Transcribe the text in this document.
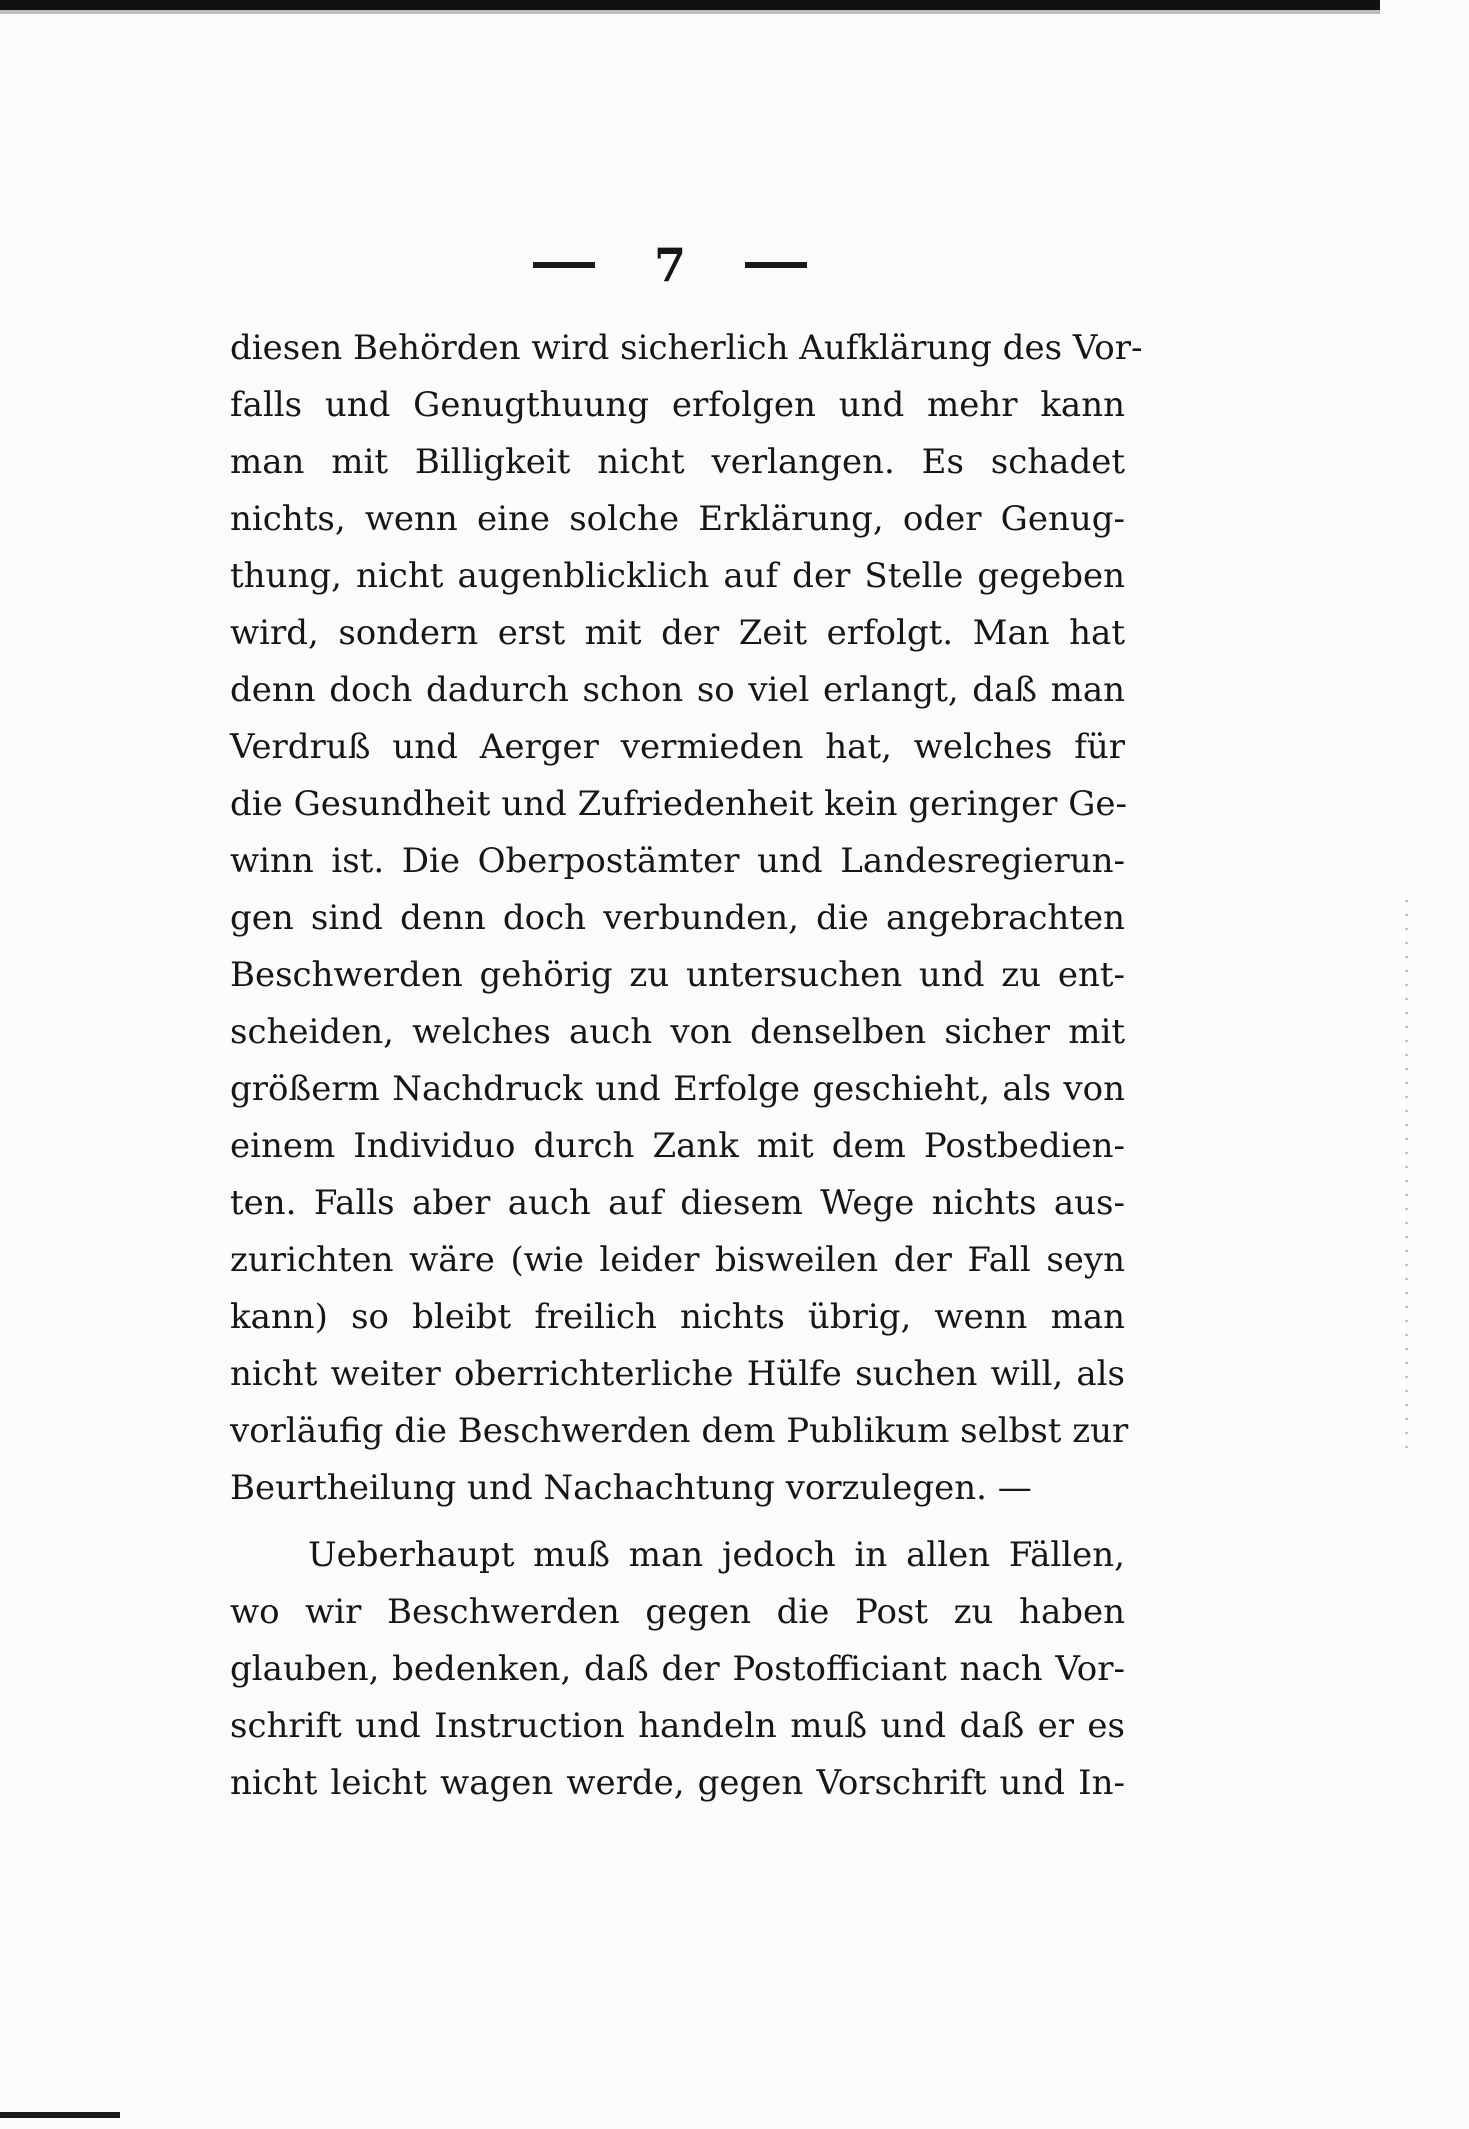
7
diesen Behörden wird sicherlich Aufklärung des Vor-
falls und Genugthuung erfolgen und mehr kann
man mit Billigkeit nicht verlangen. Es schadet
nichts, wenn eine solche Erklärung, oder Genug-
thung, nicht augenblicklich auf der Stelle gegeben
wird, sondern erst mit der Zeit erfolgt. Man hat
denn doch dadurch schon so viel erlangt, daß man
Verdruß und Aerger vermieden hat, welches für
die Gesundheit und Zufriedenheit kein geringer Ge-
winn ist. Die Oberpostämter und Landesregierun-
gen sind denn doch verbunden, die angebrachten
Beschwerden gehörig zu untersuchen und zu ent-
scheiden, welches auch von denselben sicher mit
größerm Nachdruck und Erfolge geschieht, als von
einem Individuo durch Zank mit dem Postbedien-
ten. Falls aber auch auf diesem Wege nichts aus-
zurichten wäre (wie leider bisweilen der Fall seyn
kann) so bleibt freilich nichts übrig, wenn man
nicht weiter oberrichterliche Hülfe suchen will, als
vorläufig die Beschwerden dem Publikum selbst zur
Beurtheilung und Nachachtung vorzulegen. —
Ueberhaupt muß man jedoch in allen Fällen,
wo wir Beschwerden gegen die Post zu haben
glauben, bedenken, daß der Postofficiant nach Vor-
schrift und Instruction handeln muß und daß er es
nicht leicht wagen werde, gegen Vorschrift und In-
